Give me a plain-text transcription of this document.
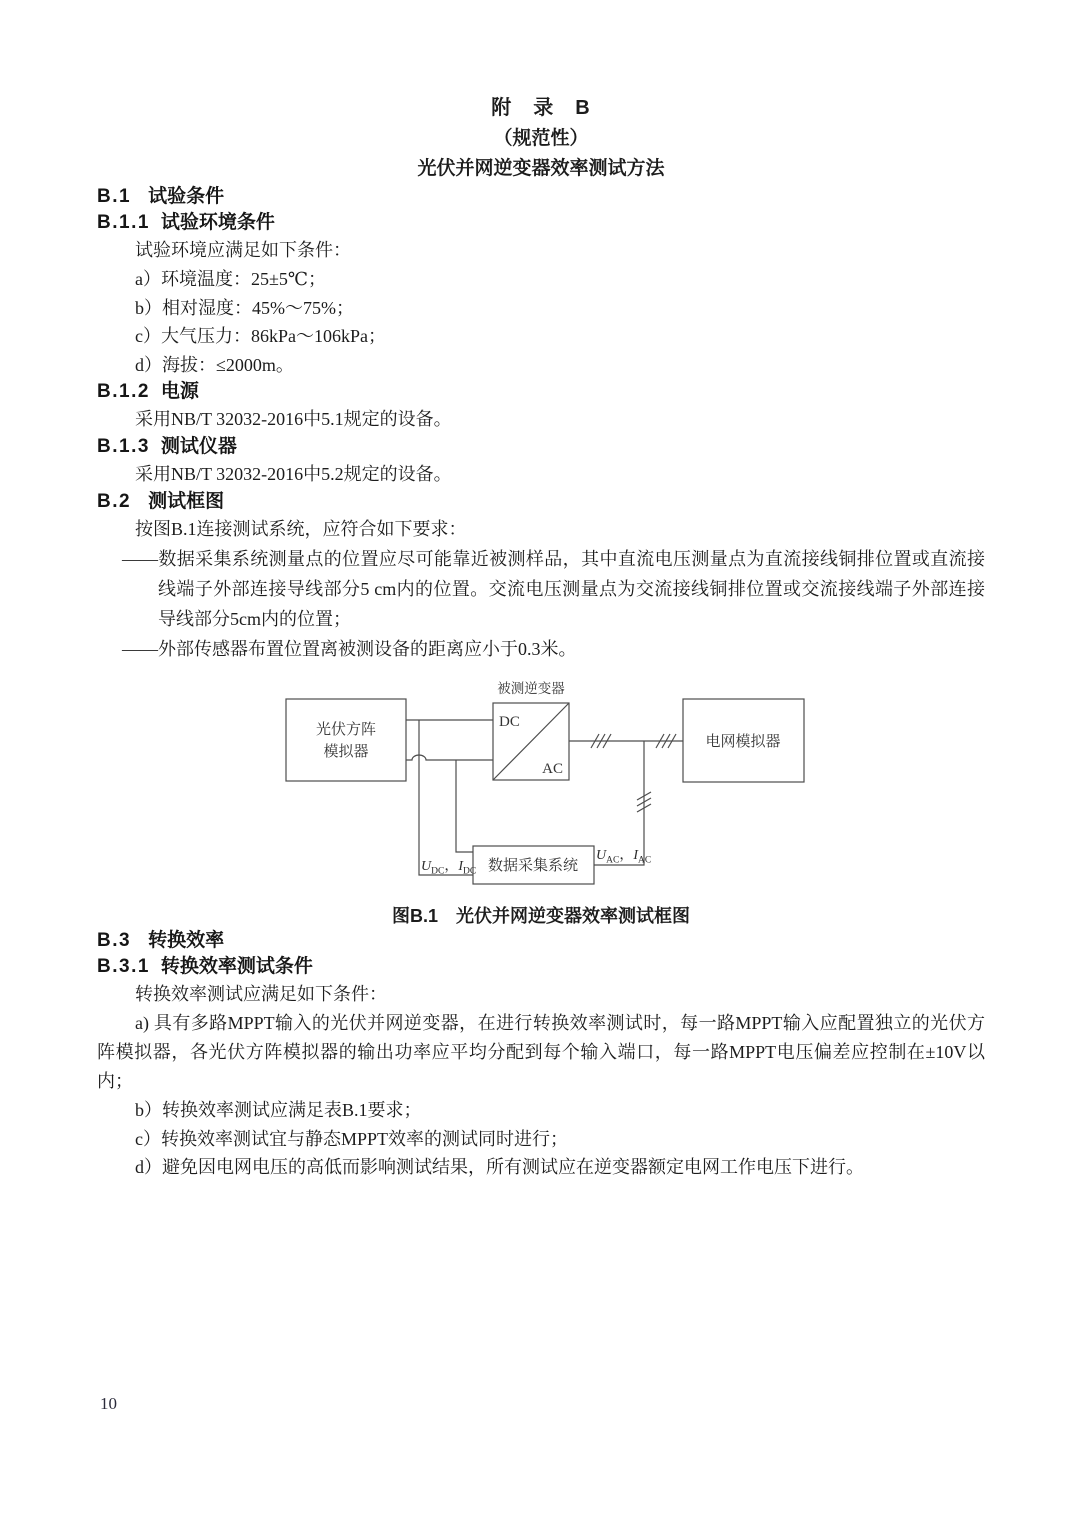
附　录　B
（规范性）
光伏并网逆变器效率测试方法
B.1 试验条件
B.1.1 试验环境条件

试验环境应满足如下条件：

a）环境温度：25±5℃；

b）相对湿度：45%～75%；

c）大气压力：86kPa～106kPa；

d）海拔：≤2000m。

B.1.2 电源

采用NB/T 32032-2016中5.1规定的设备。

B.1.3 测试仪器

采用NB/T 32032-2016中5.2规定的设备。

B.2 测试框图

按图B.1连接测试系统，应符合如下要求：

——数据采集系统测量点的位置应尽可能靠近被测样品，其中直流电压测量点为直流接线铜排位置或直流接线端子外部连接导线部分5 cm内的位置。交流电压测量点为交流接线铜排位置或交流接线端子外部连接导线部分5cm内的位置；

——外部传感器布置位置离被测设备的距离应小于0.3米。

被测逆变器
DC
AC
光伏方阵
模拟器
电网模拟器
数据采集系统
$U_{DC}$，$I_{DC}$
$U_{AC}$，$I_{AC}$
图B.1　光伏并网逆变器效率测试框图
B.3 转换效率
B.3.1 转换效率测试条件

转换效率测试应满足如下条件：

a) 具有多路MPPT输入的光伏并网逆变器，在进行转换效率测试时，每一路MPPT输入应配置独立的光伏方阵模拟器，各光伏方阵模拟器的输出功率应平均分配到每个输入端口，每一路MPPT电压偏差应控制在±10V以内；

b）转换效率测试应满足表B.1要求；

c）转换效率测试宜与静态MPPT效率的测试同时进行；

d）避免因电网电压的高低而影响测试结果，所有测试应在逆变器额定电网工作电压下进行。

10
